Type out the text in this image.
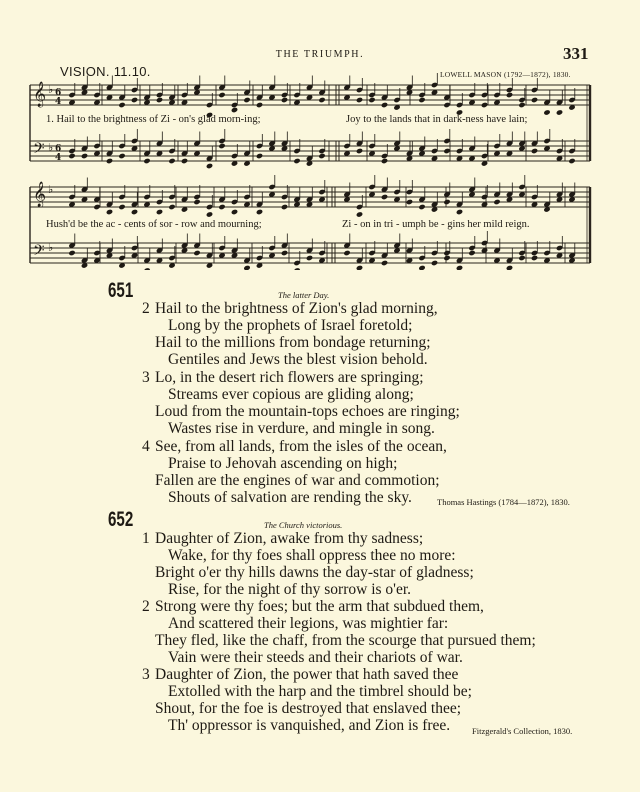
THE TRIUMPH.	331
VISION. 11.10.	LOWELL MASON (1792—1872), 1830.
𝄞
𝄢
𝄞
𝄢
♭
♭
♭
♭
6
4
6
4
1. Hail to the brightness of Zi - on's glad morn-ing;	Joy to the lands that in dark-ness have lain;
Hush'd be the ac - cents of sor - row and mourning;	Zi - on in tri - umph be - gins her mild reign.
651	The latter Day.
2 Hail to the brightness of Zion's glad morning,
Long by the prophets of Israel foretold;
Hail to the millions from bondage returning;
Gentiles and Jews the blest vision behold.
3 Lo, in the desert rich flowers are springing;
Streams ever copious are gliding along;
Loud from the mountain-tops echoes are ringing;
Wastes rise in verdure, and mingle in song.
4 See, from all lands, from the isles of the ocean,
Praise to Jehovah ascending on high;
Fallen are the engines of war and commotion;
Shouts of salvation are rending the sky.	Thomas Hastings (1784—1872), 1830.
652	The Church victorious.
1 Daughter of Zion, awake from thy sadness;
Wake, for thy foes shall oppress thee no more:
Bright o'er thy hills dawns the day-star of gladness;
Rise, for the night of thy sorrow is o'er.
2 Strong were thy foes; but the arm that subdued them,
And scattered their legions, was mightier far:
They fled, like the chaff, from the scourge that pursued them;
Vain were their steeds and their chariots of war.
3 Daughter of Zion, the power that hath saved thee
Extolled with the harp and the timbrel should be;
Shout, for the foe is destroyed that enslaved thee;
Th' oppressor is vanquished, and Zion is free.	Fitzgerald's Collection, 1830.
